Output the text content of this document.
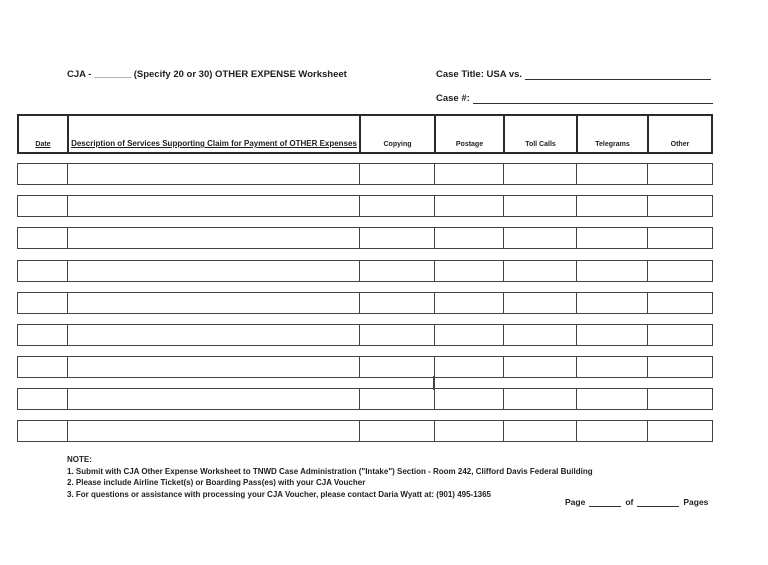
CJA - _______ (Specify 20 or 30) OTHER EXPENSE Worksheet	Case Title: USA vs.
Case #:
Date	Description of Services Supporting Claim for Payment of OTHER Expenses	Copying	Postage	Toll Calls	Telegrams	Other
NOTE:
1. Submit with CJA Other Expense Worksheet to TNWD Case Administration ("Intake") Section - Room 242, Clifford Davis Federal Building
2. Please include Airline Ticket(s) or Boarding Pass(es) with your CJA Voucher
3. For questions or assistance with processing your CJA Voucher, please contact Daria Wyatt at: (901) 495-1365
Page	of	Pages
